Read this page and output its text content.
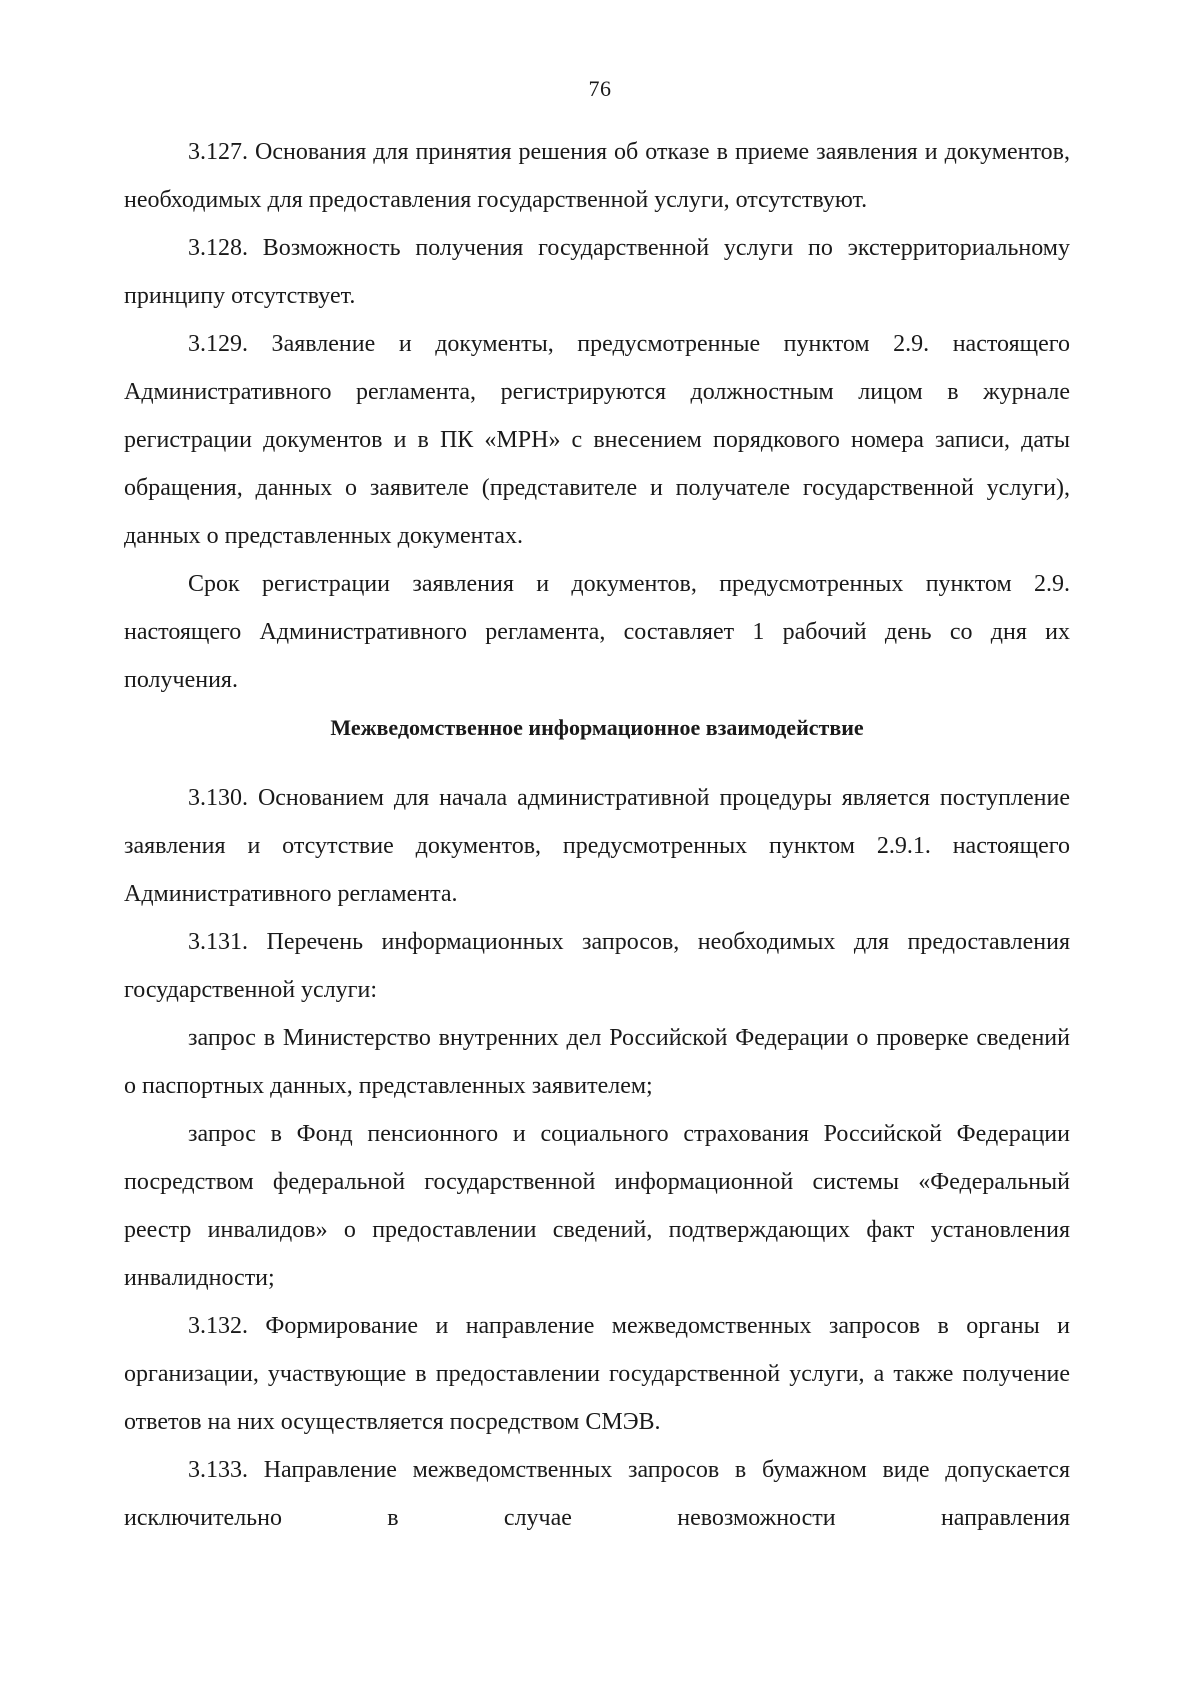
76

3.127. Основания для принятия решения об отказе в приеме заявления и документов, необходимых для предоставления государственной услуги, отсутствуют.

3.128. Возможность получения государственной услуги по экстерриториальному принципу отсутствует.

3.129. Заявление и документы, предусмотренные пунктом 2.9. настоящего Административного регламента, регистрируются должностным лицом в журнале регистрации документов и в ПК «МРН» с внесением порядкового номера записи, даты обращения, данных о заявителе (представителе и получателе государственной услуги), данных о представленных документах.

Срок регистрации заявления и документов, предусмотренных пунктом 2.9. настоящего Административного регламента, составляет 1 рабочий день со дня их получения.

Межведомственное информационное взаимодействие

3.130. Основанием для начала административной процедуры является поступление заявления и отсутствие документов, предусмотренных пунктом 2.9.1. настоящего Административного регламента.

3.131. Перечень информационных запросов, необходимых для предоставления государственной услуги:

запрос в Министерство внутренних дел Российской Федерации о проверке сведений о паспортных данных, представленных заявителем;

запрос в Фонд пенсионного и социального страхования Российской Федерации посредством федеральной государственной информационной системы «Федеральный реестр инвалидов» о предоставлении сведений, подтверждающих факт установления инвалидности;

3.132. Формирование и направление межведомственных запросов в органы и организации, участвующие в предоставлении государственной услуги, а также получение ответов на них осуществляется посредством СМЭВ.

3.133. Направление межведомственных запросов в бумажном виде допускается исключительно в случае невозможности направления
